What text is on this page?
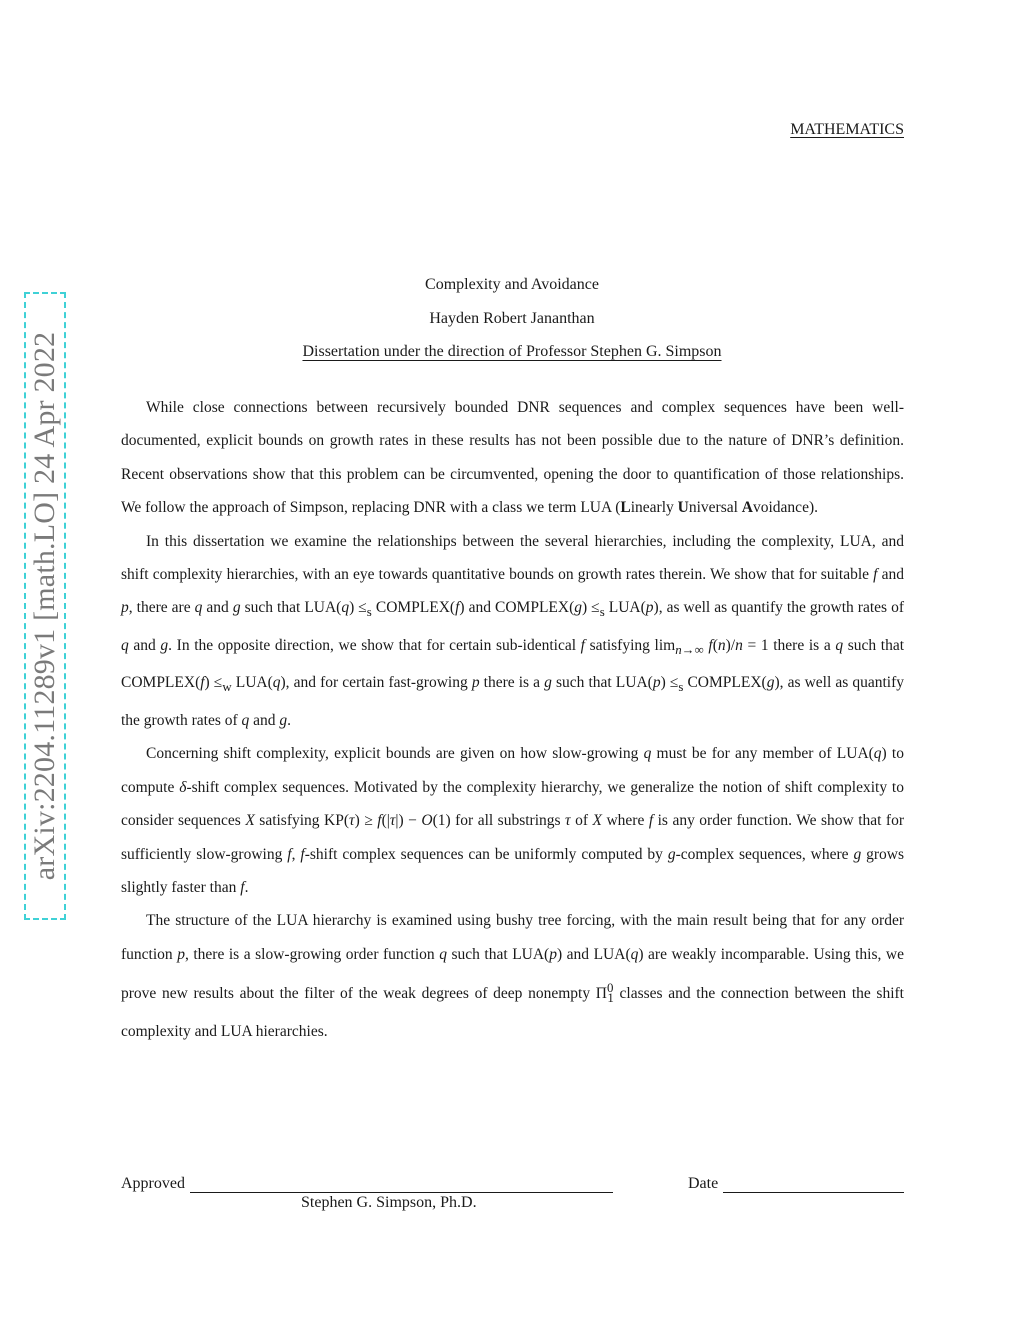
arXiv:2204.11289v1 [math.LO] 24 Apr 2022
MATHEMATICS
Complexity and Avoidance
Hayden Robert Jananthan
Dissertation under the direction of Professor Stephen G. Simpson

While close connections between recursively bounded DNR sequences and complex sequences have been well-documented, explicit bounds on growth rates in these results has not been possible due to the nature of DNR’s definition. Recent observations show that this problem can be circumvented, opening the door to quantification of those relationships. We follow the approach of Simpson, replacing DNR with a class we term LUA (Linearly Universal Avoidance).

In this dissertation we examine the relationships between the several hierarchies, including the complexity, LUA, and shift complexity hierarchies, with an eye towards quantitative bounds on growth rates therein. We show that for suitable f and p, there are q and g such that $LUA(q) \le_s$ COMPLEX(f) and COMPLEX(g) $\le_s$ LUA(p), as well as quantify the growth rates of q and g. In the opposite direction, we show that for certain sub-identical f satisfying $\lim_{n\to\infty} f(n)/n = 1$ there is a q such that COMPLEX(f) $\le_w$ LUA(q), and for certain fast-growing p there is a g such that $LUA(p) \le_s$ COMPLEX(g), as well as quantify the growth rates of q and g.

Concerning shift complexity, explicit bounds are given on how slow-growing q must be for any member of LUA(q) to compute δ-shift complex sequences. Motivated by the complexity hierarchy, we generalize the notion of shift complexity to consider sequences X satisfying KP(τ) ≥ f(|τ|) − O(1) for all substrings τ of X where f is any order function. We show that for sufficiently slow-growing f, f-shift complex sequences can be uniformly computed by g-complex sequences, where g grows slightly faster than f.

The structure of the LUA hierarchy is examined using bushy tree forcing, with the main result being that for any order function p, there is a slow-growing order function q such that LUA(p) and LUA(q) are weakly incomparable. Using this, we prove new results about the filter of the weak degrees of deep nonempty $\Pi^0_1$ classes and the connection between the shift complexity and LUA hierarchies.

Approved
Stephen G. Simpson, Ph.D.
Date
